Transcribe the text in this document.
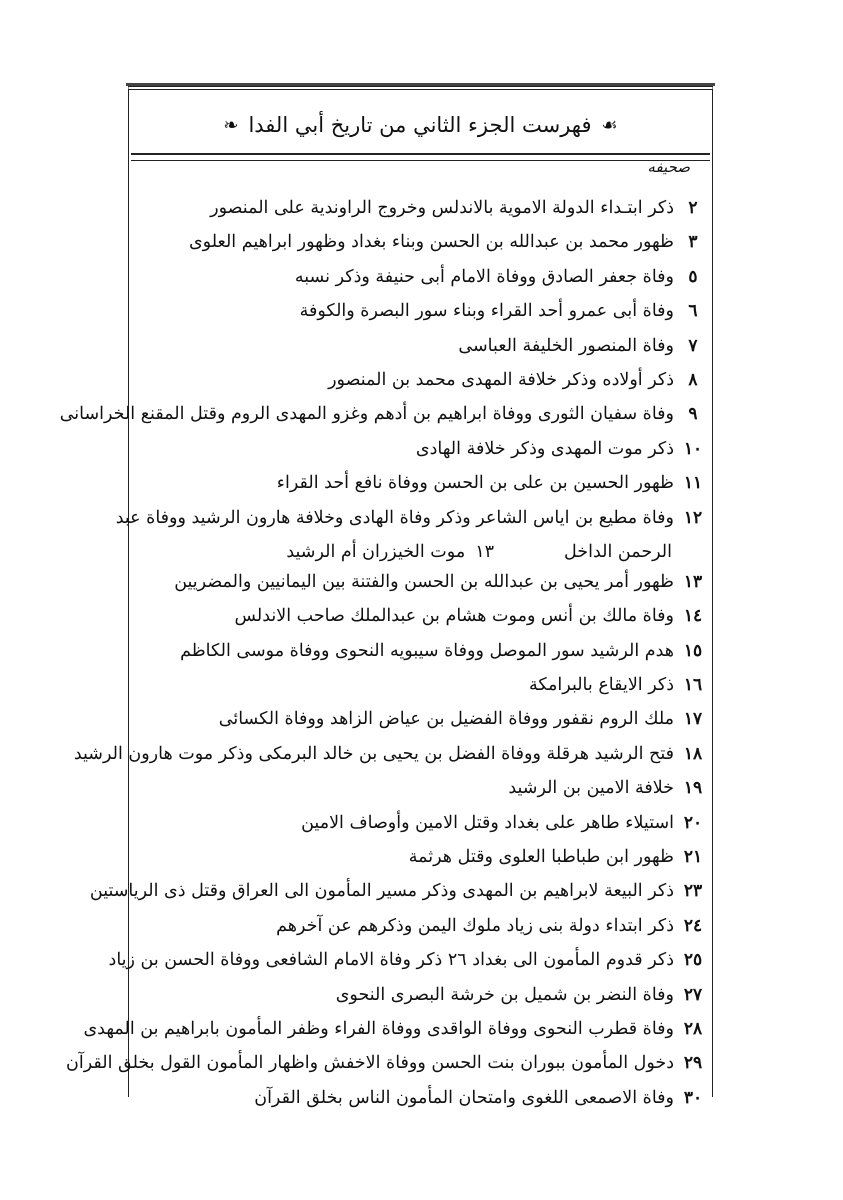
☙
فهرست الجزء الثاني من تاريخ أبي الفدا
❧
صحيفه
٢
ذكر ابتـداء الدولة الاموية بالاندلس وخروج الراوندية على المنصور
٣
ظهور محمد بن عبدالله بن الحسن وبناء بغداد وظهور ابراهيم العلوى
٥
وفاة جعفر الصادق ووفاة الامام أبى حنيفة وذكر نسبه
٦
وفاة أبى عمرو أحد القراء وبناء سور البصرة والكوفة
٧
وفاة المنصور الخليفة العباسى
٨
ذكر أولاده وذكر خلافة المهدى محمد بن المنصور
٩
وفاة سفيان الثورى ووفاة ابراهيم بن أدهم وغزو المهدى الروم وقتل المقنع الخراسانى
١٠
ذكر موت المهدى وذكر خلافة الهادى
١١
ظهور الحسين بن على بن الحسن ووفاة نافع أحد القراء
١٢
وفاة مطيع بن اياس الشاعر وذكر وفاة الهادى وخلافة هارون الرشيد ووفاة عبد
الرحمن الداخل
١٣
موت الخيزران أم الرشيد
١٣
ظهور أمر يحيى بن عبدالله بن الحسن والفتنة بين اليمانيين والمضريين
١٤
وفاة مالك بن أنس وموت هشام بن عبدالملك صاحب الاندلس
١٥
هدم الرشيد سور الموصل ووفاة سيبويه النحوى ووفاة موسى الكاظم
١٦
ذكر الايقاع بالبرامكة
١٧
ملك الروم نقفور ووفاة الفضيل بن عياض الزاهد ووفاة الكسائى
١٨
فتح الرشيد هرقلة ووفاة الفضل بن يحيى بن خالد البرمكى وذكر موت هارون الرشيد
١٩
خلافة الامين بن الرشيد
٢٠
استيلاء طاهر على بغداد وقتل الامين وأوصاف الامين
٢١
ظهور ابن طباطبا العلوى وقتل هرثمة
٢٣
ذكر البيعة لابراهيم بن المهدى وذكر مسير المأمون الى العراق وقتل ذى الرياستين
٢٤
ذكر ابتداء دولة بنى زياد ملوك اليمن وذكرهم عن آخرهم
٢٥
ذكر قدوم المأمون الى بغداد ٢٦ ذكر وفاة الامام الشافعى ووفاة الحسن بن زياد
٢٧
وفاة النضر بن شميل بن خرشة البصرى النحوى
٢٨
وفاة قطرب النحوى ووفاة الواقدى ووفاة الفراء وظفر المأمون بابراهيم بن المهدى
٢٩
دخول المأمون ببوران بنت الحسن ووفاة الاخفش واظهار المأمون القول بخلق القرآن
٣٠
وفاة الاصمعى اللغوى وامتحان المأمون الناس بخلق القرآن
